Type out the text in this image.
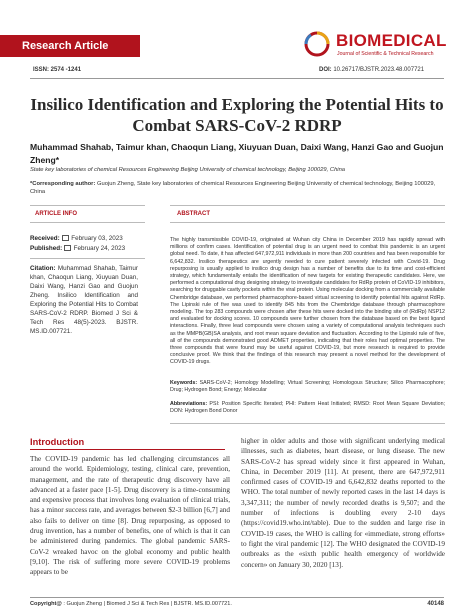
Research Article
ISSN: 2574 -1241
BIOMEDICAL
Journal of Scientific & Technical Research
DOI: 10.26717/BJSTR.2023.48.007721
Insilico Identification and Exploring the Potential Hits to Combat SARS-CoV-2 RDRP
Muhammad Shahab, Taimur khan, Chaoqun Liang, Xiuyuan Duan, Daixi Wang, Hanzi Gao and Guojun Zheng*
State key laboratories of chemical Resources Engineering Beijing University of chemical technology, Beijing 100029, China
*Corresponding author: Guojun Zheng, State key laboratories of chemical Resources Engineering Beijing University of chemical technology, Beijing 100029, China
ARTICLE INFO	ABSTRACT
Received:  February 03, 2023
Published:  February 24, 2023
Citation: Muhammad Shahab, Taimur khan, Chaoqun Liang, Xiuyuan Duan, Daixi Wang, Hanzi Gao and Guojun Zheng. Insilico Identification and Exploring the Potential Hits to Combat SARS-CoV-2 RDRP. Biomed J Sci & Tech Res 48(5)-2023. BJSTR. MS.ID.007721.
The highly transmissible COVID-19, originated at Wuhan city China in December 2019 has rapidly spread with millions of confirm cases. Identification of potential drug is an urgent need to combat this pandemic is an urgent global need. To date, it has affected 647,972,911 individuals in more than 200 countries and has been responsible for 6,642,832. Insilico therapeutics are urgently needed to cure patient severely infected with Covid-19. Drug repurposing is usually applied to insilico drug design has a number of benefits due to its time and cost-efficient strategy, which fundamentally entails the identification of new targets for existing therapeutic candidates. Here, we performed a computational drug designing strategy to investigate candidates for RdRp protein of CoVID-19 inhibitors, searching for druggable cavity pockets within the viral protein. Using molecular docking from a commercially available Chembridge database, we performed pharmacophore-based virtual screening to identify potential hits against RdRp. The Lipinski rule of five was used to identify 845 hits from the Chembridge database through pharmacophore modeling. The top 283 compounds were chosen after these hits were docked into the binding site of (RdRp) NSP12 and evaluated for docking scores. 10 compounds were further chosen from the database based on the best ligand interactions. Finally, three lead compounds were chosen using a variety of computational analysis techniques such as the MMPB(GB)SA analysis, and root mean square deviation and fluctuation. According to the Lipinski rule of five, all of the compounds demonstrated good ADMET properties, indicating that their roles had optimal properties. The three compounds that were found may be useful against COVID-19, but more research is required to provide conclusive proof. We think that the findings of this research may present a novel method for the development of COVID-19 drugs.
Keywords: SARS-CoV-2; Homology Modelling; Virtual Screening; Homologous Structure; Silico Pharmacophore; Drug; Hydrogen Bond; Energy; Molecular
Abbreviations: PSI: Position Specific Iterated; PHI: Pattern Heat Initiated; RMSD: Root Mean Square Deviation; DON: Hydrogen Bond Donor
Introduction
The COVID-19 pandemic has led challenging circumstances all around the world. Epidemiology, testing, clinical care, prevention, management, and the rate of therapeutic drug discovery have all advanced at a faster pace [1-5]. Drug discovery is a time-consuming and expensive process that involves long evaluation of clinical trials, has a minor success rate, and averages between $2-3 billion [6,7] and also fails to deliver on time [8]. Drug repurposing, as opposed to drug invention, has a number of benefits, one of which is that it can be administered during pandemics. The global pandemic SARS-CoV-2 wreaked havoc on the global economy and public health [9,10]. The risk of suffering more severe COVID-19 problems appears to be
higher in older adults and those with significant underlying medical illnesses, such as diabetes, heart disease, or lung disease. The new SARS-CoV-2 has spread widely since it first appeared in Wuhan, China, in December 2019 [11]. At present, there are 647,972,911 confirmed cases of COVID-19 and 6,642,832 deaths reported to the WHO. The total number of newly reported cases in the last 14 days is 3,347,311; the number of newly recorded deaths is 9,507; and the number of infections is doubling every 2-10 days (https://covid19.who.int/table). Due to the sudden and large rise in COVID-19 cases, the WHO is calling for «immediate, strong efforts» to fight the viral pandemic [12]. The WHO designated the COVID-19 outbreaks as the «sixth public health emergency of worldwide concern» on January 30, 2020 [13].
Copyright@ : Guojun Zheng | Biomed J Sci & Tech Res | BJSTR. MS.ID.007721.	40148
